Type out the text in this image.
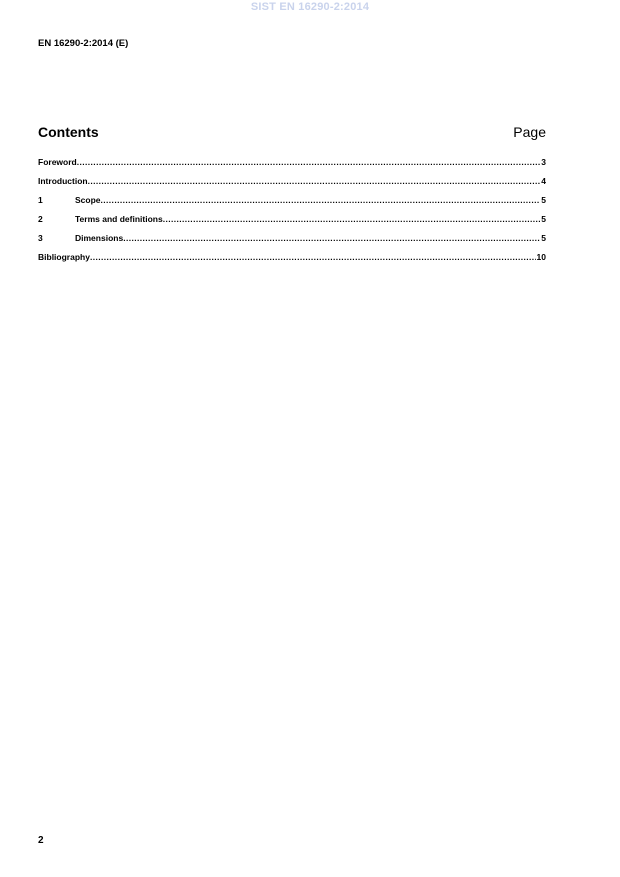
SIST EN 16290-2:2014
EN 16290-2:2014 (E)
Contents	Page
Foreword .....	3
Introduction .....	4
1	Scope .....	5
2	Terms and definitions .....	5
3	Dimensions .....	5
Bibliography .....	10
2
